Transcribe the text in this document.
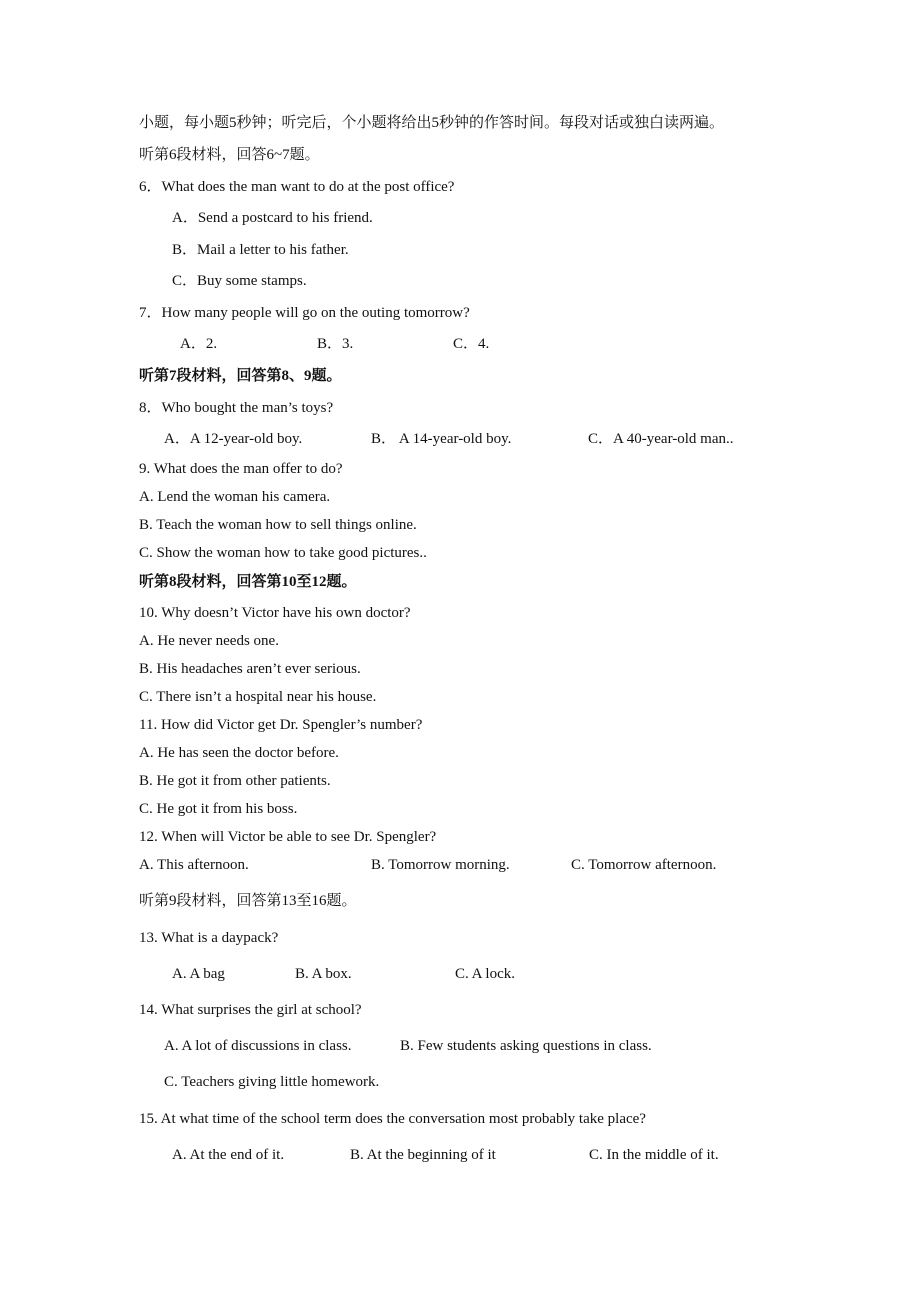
小题，每小题5秒钟；听完后，个小题将给出5秒钟的作答时间。每段对话或独白读两遍。
听第6段材料，回答6~7题。
6．What does the man want to do at the post office?
A．Send a postcard to his friend.
B．Mail a letter to his father.
C．Buy some stamps.
7．How many people will go on the outing tomorrow?
A．2.	B．3.	C．4.
听第7段材料，回答第8、9题。
8．Who bought the man’s toys?
A．A 12-year-old boy.	B． A 14-year-old boy.	C．A 40-year-old man..
9. What does the man offer to do?
A. Lend the woman his camera.
B. Teach the woman how to sell things online.
C. Show the woman how to take good pictures..
听第8段材料，回答第10至12题。
10. Why doesn’t Victor have his own doctor?
A. He never needs one.
B. His headaches aren’t ever serious.
C. There isn’t a hospital near his house.
11. How did Victor get Dr. Spengler’s number?
A. He has seen the doctor before.
B. He got it from other patients.
C. He got it from his boss.
12. When will Victor be able to see Dr. Spengler?
A. This afternoon.	B. Tomorrow morning.	C. Tomorrow afternoon.
听第9段材料，回答第13至16题。
13. What is a daypack?
A. A bag	B. A box.	C. A lock.
14. What surprises the girl at school?
A. A lot of discussions in class.	B. Few students asking questions in class.
C. Teachers giving little homework.
15. At what time of the school term does the conversation most probably take place?
A. At the end of it.	B. At the beginning of it	C. In the middle of it.
